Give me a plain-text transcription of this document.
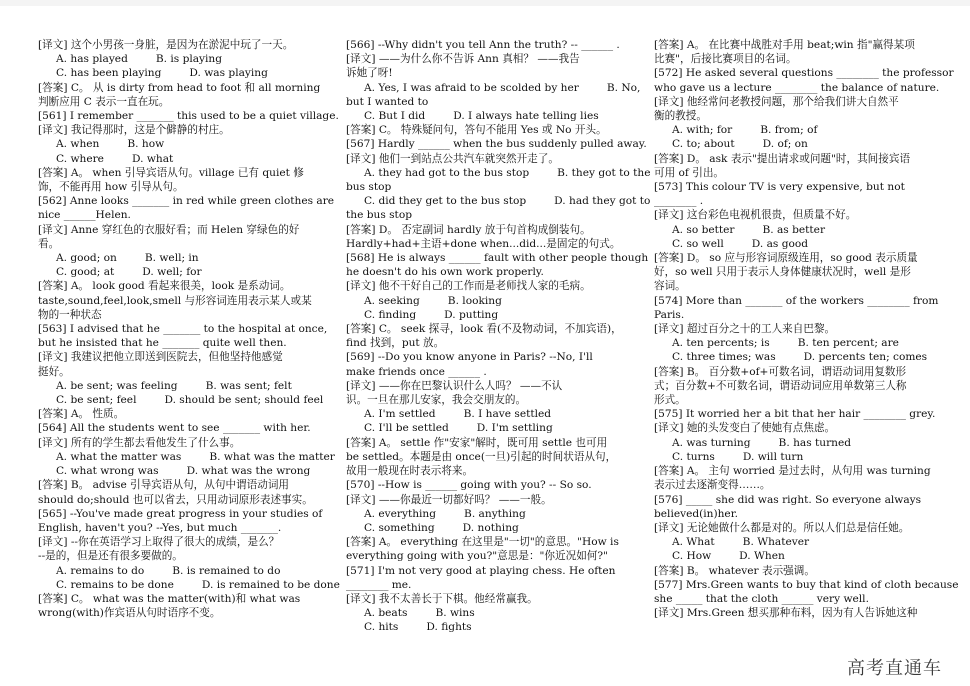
[译文] 这个小男孩一身脏，是因为在淤泥中玩了一天。
A. has played	B. is playing
C. has been playing	D. was playing
[答案] C。 从 is dirty from head to foot 和 all morning
判断应用 C 表示一直在玩。
[561] I remember _______ this used to be a quiet village.
[译文] 我记得那时，这是个僻静的村庄。
A. when	B. how
C. where	D. what
[答案] A。 when 引导宾语从句。village 已有 quiet 修
饰，不能再用 how 引导从句。
[562] Anne looks _______ in red while green clothes are
nice ______Helen.
[译文] Anne 穿红色的衣服好看；而 Helen 穿绿色的好
看。
A. good; on	B. well; in
C. good; at	D. well; for
[答案] A。 look good 看起来很美，look 是系动词。
taste,sound,feel,look,smell 与形容词连用表示某人或某
物的一种状态
[563] I advised that he _______ to the hospital at once,
but he insisted that he _______ quite well then.
[译文] 我建议把他立即送到医院去，但他坚持他感觉
挺好。
A. be sent; was feeling	B. was sent; felt
C. be sent; feel	D. should be sent; should feel
[答案] A。 性质。
[564] All the students went to see _______ with her.
[译文] 所有的学生都去看他发生了什么事。
A. what the matter was	B. what was the matter
C. what wrong was	D. what was the wrong
[答案] B。 advise 引导宾语从句，从句中谓语动词用
should do;should 也可以省去，只用动词原形表述事实。
[565] --You've made great progress in your studies of
English, haven't you? --Yes, but much _______.
[译文] --你在英语学习上取得了很大的成绩，是么？
--是的，但是还有很多要做的。
A. remains to do	B. is remained to do
C. remains to be done	D. is remained to be done
[答案] C。 what was the matter(with)和 what was
wrong(with)作宾语从句时语序不变。
[566] --Why didn't you tell Ann the truth? -- ______ .
[译文] ——为什么你不告诉 Ann 真相？ ——我告
诉她了呀!
A. Yes, I was afraid to be scolded by her	B. No,
but I wanted to
C. But I did	D. I always hate telling lies
[答案] C。 特殊疑问句，答句不能用 Yes 或 No 开头。
[567] Hardly ______ when the bus suddenly pulled away.
[译文] 他们一到站点公共汽车就突然开走了。
A. they had got to the bus stop	B. they got to the
bus stop
C. did they get to the bus stop	D. had they got to
the bus stop
[答案] D。 否定副词 hardly 放于句首构成倒装句。
Hardly+had+主语+done when...did...是固定的句式。
[568] He is always ______ fault with other people though
he doesn't do his own work properly.
[译文] 他不干好自己的工作而是老师找人家的毛病。
A. seeking	B. looking
C. finding	D. putting
[答案] C。 seek 探寻，look 看(不及物动词，不加宾语)，
find 找到，put 放。
[569] --Do you know anyone in Paris? --No, I'll
make friends once ______ .
[译文] ——你在巴黎认识什么人吗？ ——不认
识。一旦在那儿安家，我会交朋友的。
A. I'm settled	B. I have settled
C. I'll be settled	D. I'm settling
[答案] A。 settle 作"安家"解时，既可用 settle 也可用
be settled。本题是由 once(一旦)引起的时间状语从句，
故用一般现在时表示将来。
[570] --How is ______ going with you? -- So so.
[译文] ——你最近一切都好吗？ ——一般。
A. everything	B. anything
C. something	D. nothing
[答案] A。 everything 在这里是"一切"的意思。"How is
everything going with you?"意思是："你近况如何?"
[571] I'm not very good at playing chess. He often
________ me.
[译文] 我不太善长于下棋。他经常赢我。
A. beats	B. wins
C. hits	D. fights
[答案] A。 在比赛中战胜对手用 beat;win 指"赢得某项
比赛"，后接比赛项目的名词。
[572] He asked several questions ________ the professor
who gave us a lecture ________ the balance of nature.
[译文] 他经常问老教授问题，那个给我们讲大自然平
衡的教授。
A. with; for	B. from; of
C. to; about	D. of; on
[答案] D。 ask 表示"提出请求或问题"时，其间接宾语
可用 of 引出。
[573] This colour TV is very expensive, but not
________ .
[译文] 这台彩色电视机很贵，但质量不好。
A. so better	B. as better
C. so well	D. as good
[答案] D。 so 应与形容词原级连用，so good 表示质量
好，so well 只用于表示人身体健康状况时，well 是形
容词。
[574] More than _______ of the workers ________ from
Paris.
[译文] 超过百分之十的工人来自巴黎。
A. ten percents; is	B. ten percent; are
C. three times; was	D. percents ten; comes
[答案] B。 百分数+of+可数名词，谓语动词用复数形
式；百分数+不可数名词，谓语动词应用单数第三人称
形式。
[575] It worried her a bit that her hair ________ grey.
[译文] 她的头发变白了使她有点焦虑。
A. was turning	B. has turned
C. turns	D. will turn
[答案] A。 主句 worried 是过去时，从句用 was turning
表示过去逐渐变得……。
[576] _____ she did was right. So everyone always
believed(in)her.
[译文] 无论她做什么都是对的。所以人们总是信任她。
A. What	B. Whatever
C. How	D. When
[答案] B。 whatever 表示强调。
[577] Mrs.Green wants to buy that kind of cloth because
she _____ that the cloth ______ very well.
[译文] Mrs.Green 想买那种布料，因为有人告诉她这种
高考直通车
